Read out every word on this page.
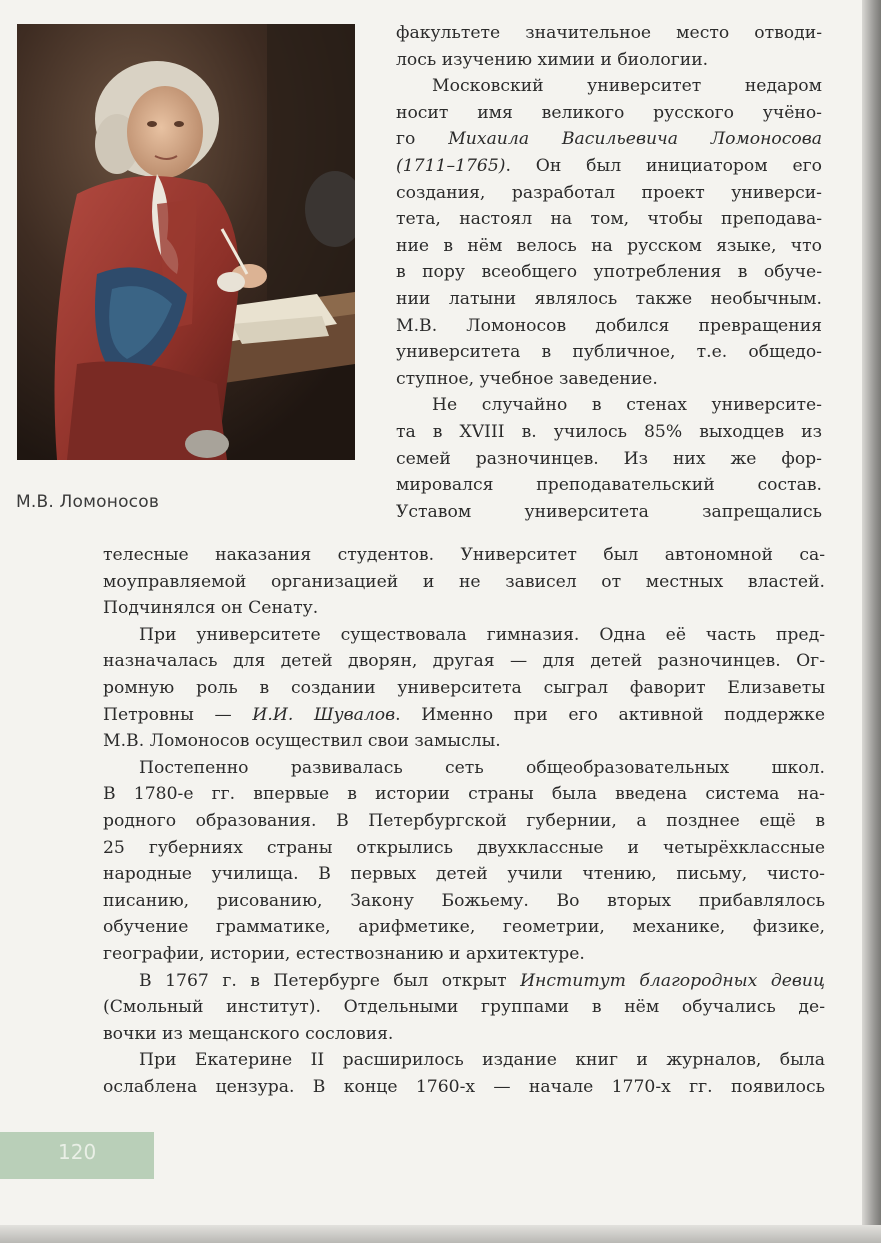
М.В. Ломоносов
факультете значительное место отводи-
лось изучению химии и биологии.
Московский университет недаром
носит имя великого русского учёно-
го Михаила Васильевича Ломоносова
(1711–1765). Он был инициатором его
создания, разработал проект универси-
тета, настоял на том, чтобы преподава-
ние в нём велось на русском языке, что
в пору всеобщего употребления в обуче-
нии латыни являлось также необычным.
М.В. Ломоносов добился превращения
университета в публичное, т.е. общедо-
ступное, учебное заведение.
Не случайно в стенах университе-
та в XVIII в. училось 85% выходцев из
семей разночинцев. Из них же фор-
мировался преподавательский состав.
Уставом университета запрещались
телесные наказания студентов. Университет был автономной са-
моуправляемой организацией и не зависел от местных властей.
Подчинялся он Сенату.
При университете существовала гимназия. Одна её часть пред-
назначалась для детей дворян, другая — для детей разночинцев. Ог-
ромную роль в создании университета сыграл фаворит Елизаветы
Петровны — И.И. Шувалов. Именно при его активной поддержке
М.В. Ломоносов осуществил свои замыслы.
Постепенно развивалась сеть общеобразовательных школ.
В 1780-е гг. впервые в истории страны была введена система на-
родного образования. В Петербургской губернии, а позднее ещё в
25 губерниях страны открылись двухклассные и четырёхклассные
народные училища. В первых детей учили чтению, письму, чисто-
писанию, рисованию, Закону Божьему. Во вторых прибавлялось
обучение грамматике, арифметике, геометрии, механике, физике,
географии, истории, естествознанию и архитектуре.
В 1767 г. в Петербурге был открыт Институт благородных девиц
(Смольный институт). Отдельными группами в нём обучались де-
вочки из мещанского сословия.
При Екатерине II расширилось издание книг и журналов, была
ослаблена цензура. В конце 1760-х — начале 1770-х гг. появилось
120
